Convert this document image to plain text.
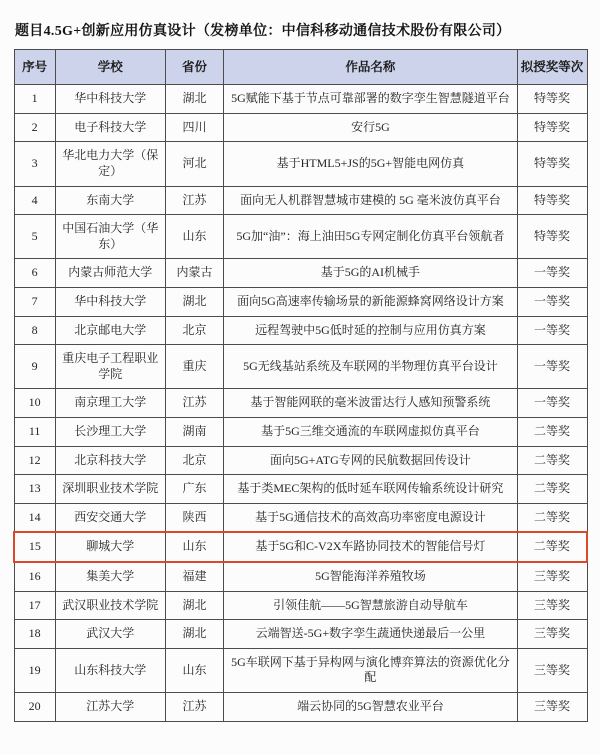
题目4.5G+创新应用仿真设计（发榜单位：中信科移动通信技术股份有限公司）
序号	学校	省份	作品名称	拟授奖等次
1	华中科技大学	湖北	5G赋能下基于节点可靠部署的数字孪生智慧隧道平台	特等奖
2	电子科技大学	四川	安行5G	特等奖
3	华北电力大学（保定）	河北	基于HTML5+JS的5G+智能电网仿真	特等奖
4	东南大学	江苏	面向无人机群智慧城市建模的 5G 毫米波仿真平台	特等奖
5	中国石油大学（华东）	山东	5G加“油”：海上油田5G专网定制化仿真平台领航者	特等奖
6	内蒙古师范大学	内蒙古	基于5G的AI机械手	一等奖
7	华中科技大学	湖北	面向5G高速率传输场景的新能源蜂窝网络设计方案	一等奖
8	北京邮电大学	北京	远程驾驶中5G低时延的控制与应用仿真方案	一等奖
9	重庆电子工程职业学院	重庆	5G无线基站系统及车联网的半物理仿真平台设计	一等奖
10	南京理工大学	江苏	基于智能网联的毫米波雷达行人感知预警系统	一等奖
11	长沙理工大学	湖南	基于5G三维交通流的车联网虚拟仿真平台	二等奖
12	北京科技大学	北京	面向5G+ATG专网的民航数据回传设计	二等奖
13	深圳职业技术学院	广东	基于类MEC架构的低时延车联网传输系统设计研究	二等奖
14	西安交通大学	陕西	基于5G通信技术的高效高功率密度电源设计	二等奖
15	聊城大学	山东	基于5G和C-V2X车路协同技术的智能信号灯	二等奖
16	集美大学	福建	5G智能海洋养殖牧场	三等奖
17	武汉职业技术学院	湖北	引领佳航——5G智慧旅游自动导航车	三等奖
18	武汉大学	湖北	云端智送-5G+数字孪生蔬通快递最后一公里	三等奖
19	山东科技大学	山东	5G车联网下基于异构网与演化博弈算法的资源优化分配	三等奖
20	江苏大学	江苏	端云协同的5G智慧农业平台	三等奖
